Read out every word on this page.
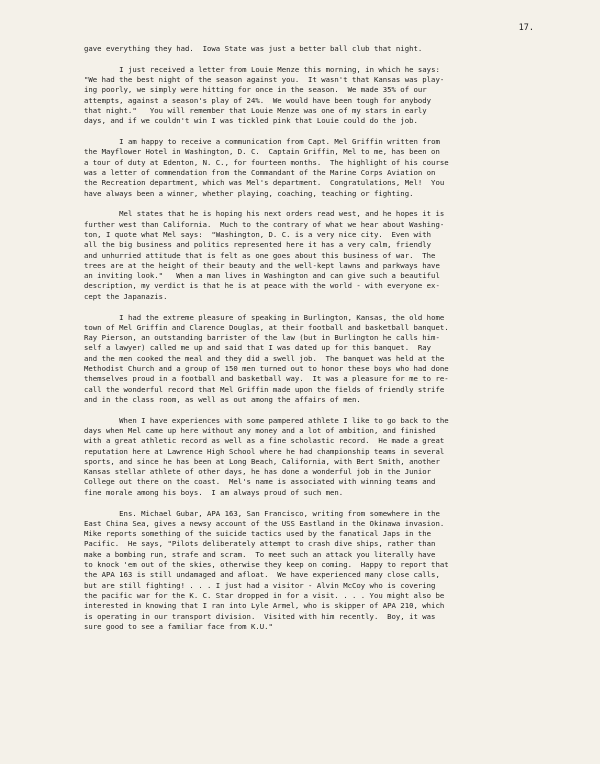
17.

gave everything they had.  Iowa State was just a better ball club that night.

I just received a letter from Louie Menze this morning, in which he says:
"We had the best night of the season against you.  It wasn't that Kansas was play-
ing poorly, we simply were hitting for once in the season.  We made 35% of our
attempts, against a season's play of 24%.  We would have been tough for anybody
that night."   You will remember that Louie Menze was one of my stars in early
days, and if we couldn't win I was tickled pink that Louie could do the job.

I am happy to receive a communication from Capt. Mel Griffin written from
the Mayflower Hotel in Washington, D. C.  Captain Griffin, Mel to me, has been on
a tour of duty at Edenton, N. C., for fourteen months.  The highlight of his course
was a letter of commendation from the Commandant of the Marine Corps Aviation on
the Recreation department, which was Mel's department.  Congratulations, Mel!  You
have always been a winner, whether playing, coaching, teaching or fighting.

Mel states that he is hoping his next orders read west, and he hopes it is
further west than California.  Much to the contrary of what we hear about Washing-
ton, I quote what Mel says:  "Washington, D. C. is a very nice city.  Even with
all the big business and politics represented here it has a very calm, friendly
and unhurried attitude that is felt as one goes about this business of war.  The
trees are at the height of their beauty and the well-kept lawns and parkways have
an inviting look."   When a man lives in Washington and can give such a beautiful
description, my verdict is that he is at peace with the world - with everyone ex-
cept the Japanazis.

I had the extreme pleasure of speaking in Burlington, Kansas, the old home
town of Mel Griffin and Clarence Douglas, at their football and basketball banquet.
Ray Pierson, an outstanding barrister of the law (but in Burlington he calls him-
self a lawyer) called me up and said that I was dated up for this banquet.  Ray
and the men cooked the meal and they did a swell job.  The banquet was held at the
Methodist Church and a group of 150 men turned out to honor these boys who had done
themselves proud in a football and basketball way.  It was a pleasure for me to re-
call the wonderful record that Mel Griffin made upon the fields of friendly strife
and in the class room, as well as out among the affairs of men.

When I have experiences with some pampered athlete I like to go back to the
days when Mel came up here without any money and a lot of ambition, and finished
with a great athletic record as well as a fine scholastic record.  He made a great
reputation here at Lawrence High School where he had championship teams in several
sports, and since he has been at Long Beach, California, with Bert Smith, another
Kansas stellar athlete of other days, he has done a wonderful job in the Junior
College out there on the coast.  Mel's name is associated with winning teams and
fine morale among his boys.  I am always proud of such men.

Ens. Michael Gubar, APA 163, San Francisco, writing from somewhere in the
East China Sea, gives a newsy account of the USS Eastland in the Okinawa invasion.
Mike reports something of the suicide tactics used by the fanatical Japs in the
Pacific.  He says, "Pilots deliberately attempt to crash dive ships, rather than
make a bombing run, strafe and scram.  To meet such an attack you literally have
to knock 'em out of the skies, otherwise they keep on coming.  Happy to report that
the APA 163 is still undamaged and afloat.  We have experienced many close calls,
but are still fighting! . . . I just had a visitor - Alvin McCoy who is covering
the pacific war for the K. C. Star dropped in for a visit. . . . You might also be
interested in knowing that I ran into Lyle Armel, who is skipper of APA 210, which
is operating in our transport division.  Visited with him recently.  Boy, it was
sure good to see a familiar face from K.U."
